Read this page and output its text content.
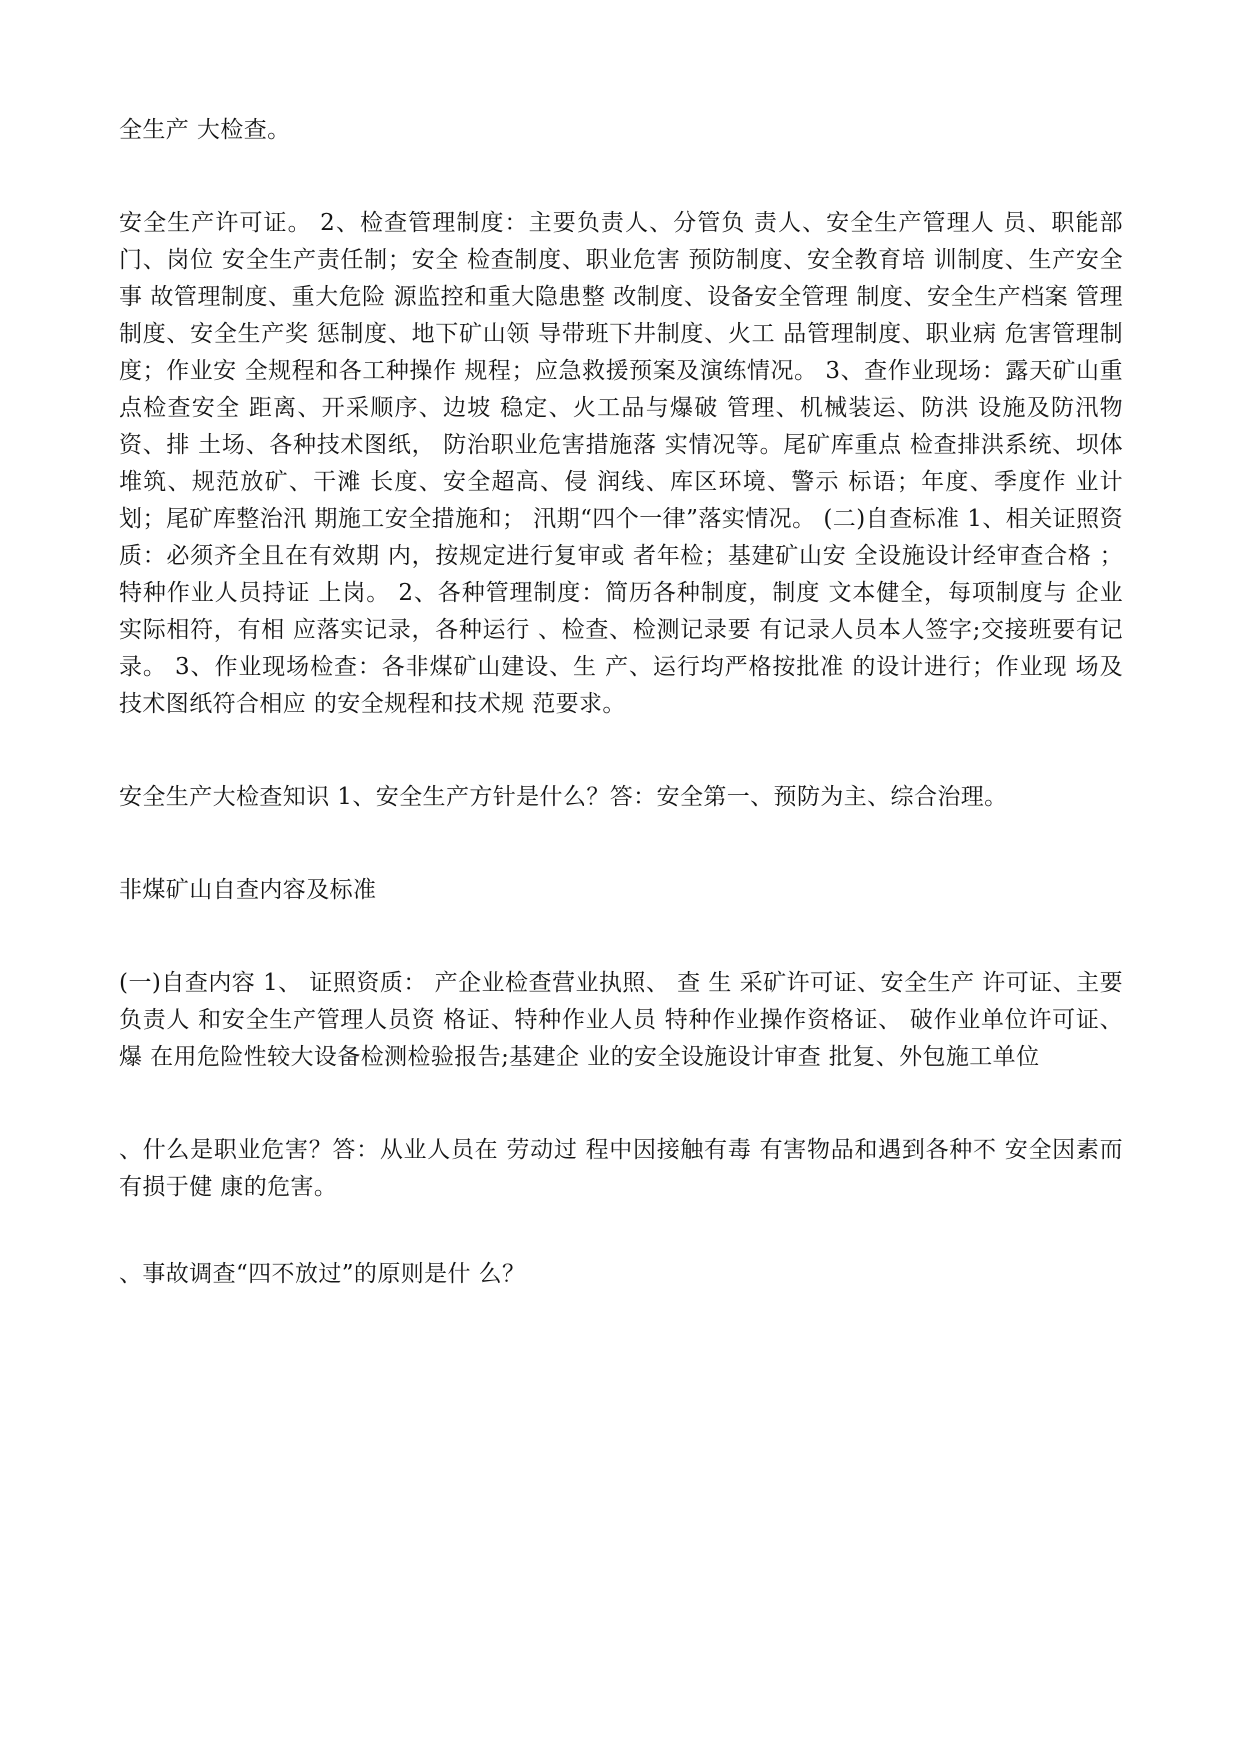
全生产 大检查。

安全生产许可证。 2、检查管理制度：主要负责人、分管负 责人、安全生产管理人 员、职能部门、岗位 安全生产责任制；安全 检查制度、职业危害 预防制度、安全教育培 训制度、生产安全事 故管理制度、重大危险 源监控和重大隐患整 改制度、设备安全管理 制度、安全生产档案 管理制度、安全生产奖 惩制度、地下矿山领 导带班下井制度、火工 品管理制度、职业病 危害管理制度；作业安 全规程和各工种操作 规程；应急救援预案及演练情况。 3、查作业现场：露天矿山重点检查安全 距离、开采顺序、边坡 稳定、火工品与爆破 管理、机械装运、防洪 设施及防汛物资、排 土场、各种技术图纸， 防治职业危害措施落 实情况等。尾矿库重点 检查排洪系统、坝体 堆筑、规范放矿、干滩 长度、安全超高、侵 润线、库区环境、警示 标语；年度、季度作 业计划；尾矿库整治汛 期施工安全措施和； 汛期“四个一律”落实情况。 (二)自查标准 1、相关证照资质：必须齐全且在有效期 内，按规定进行复审或 者年检；基建矿山安 全设施设计经审查合格 ；特种作业人员持证 上岗。 2、各种管理制度：简历各种制度，制度 文本健全，每项制度与 企业实际相符，有相 应落实记录，各种运行 、检查、检测记录要 有记录人员本人签字;交接班要有记录。 3、作业现场检查：各非煤矿山建设、生 产、运行均严格按批准 的设计进行；作业现 场及技术图纸符合相应 的安全规程和技术规 范要求。

安全生产大检查知识 1、安全生产方针是什么？答：安全第一、预防为主、综合治理。

非煤矿山自查内容及标准

(一)自查内容 1、 证照资质： 产企业检查营业执照、 查 生 采矿许可证、安全生产 许可证、主要负责人 和安全生产管理人员资 格证、特种作业人员 特种作业操作资格证、 破作业单位许可证、 爆 在用危险性较大设备检测检验报告;基建企 业的安全设施设计审查 批复、外包施工单位

、什么是职业危害？答：从业人员在 劳动过 程中因接触有毒 有害物品和遇到各种不 安全因素而有损于健 康的危害。

、事故调查“四不放过”的原则是什 么？
